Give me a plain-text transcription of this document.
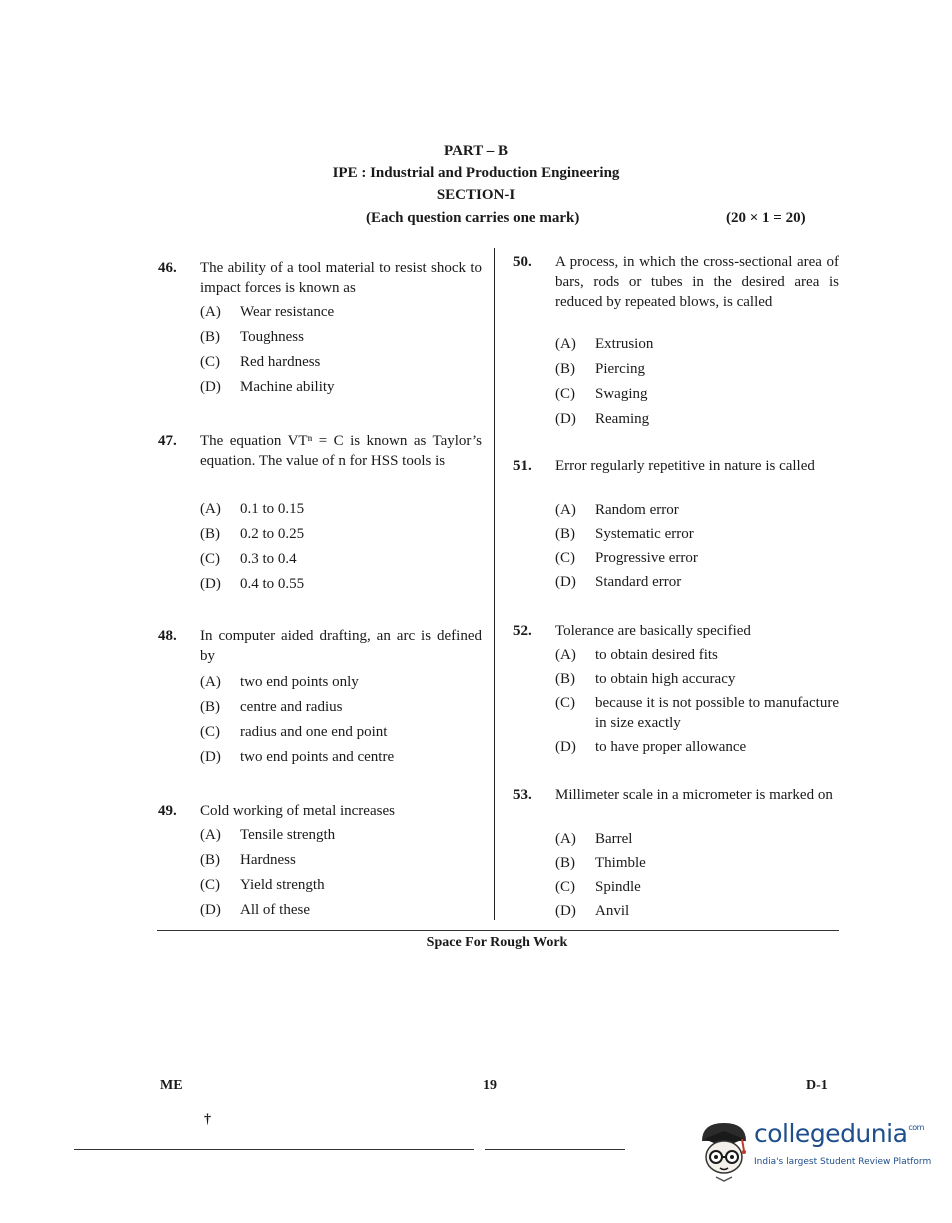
PART – B
IPE : Industrial and Production Engineering
SECTION-I
(Each question carries one mark)	(20 × 1 = 20)
46. The ability of a tool material to resist shock to impact forces is known as
(A) Wear resistance
(B) Toughness
(C) Red hardness
(D) Machine ability
47. The equation VTⁿ = C is known as Taylor’s equation. The value of n for HSS tools is
(A) 0.1 to 0.15
(B) 0.2 to 0.25
(C) 0.3 to 0.4
(D) 0.4 to 0.55
48. In computer aided drafting, an arc is defined by
(A) two end points only
(B) centre and radius
(C) radius and one end point
(D) two end points and centre
49. Cold working of metal increases
(A) Tensile strength
(B) Hardness
(C) Yield strength
(D) All of these
50. A process, in which the cross-sectional area of bars, rods or tubes in the desired area is reduced by repeated blows, is called
(A) Extrusion
(B) Piercing
(C) Swaging
(D) Reaming
51. Error regularly repetitive in nature is called
(A) Random error
(B) Systematic error
(C) Progressive error
(D) Standard error
52. Tolerance are basically specified
(A) to obtain desired fits
(B) to obtain high accuracy
(C) because it is not possible to manufacture in size exactly
(D) to have proper allowance
53. Millimeter scale in a micrometer is marked on
(A) Barrel
(B) Thimble
(C) Spindle
(D) Anvil
Space For Rough Work
ME	19	D-1
†	collegedunia$^{com}$
India's largest Student Review Platform
